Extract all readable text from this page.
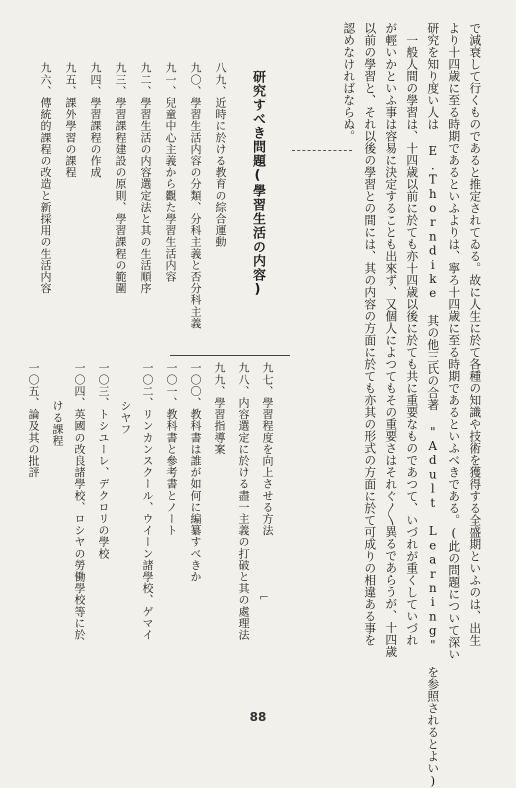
で減衰して行くものであると推定されてゐる。故に人生に於て各種の知識や技術を獲得する全盛期といふのは、出生
より十四歳に至る時期であるといふよりは、寧ろ十四歳に至る時期であるといふべきである。(此の問題について深い
研究を知り度い人は E.Thorndike 其の他三氏の合著 "Adult Learning" を参照されるとよい)
一般人間の學習は、十四歳以前に於ても亦十四歳以後に於ても共に重要なものであつて、いづれが重くしていづれ
が輕いかといふ事は容易に決定することも出來ず、又個人によつてもその重要さはそれぐ〳〵異るであらうが、十四歳
以前の學習と、それ以後の學習との間には、其の内容の方面に於ても亦其の形式の方面に於て可成りの相違ある事を
認めなければならぬ。
研究すべき問題(學習生活の内容)
八九、近時に於ける教育の綜合運動
九〇、學習生活内容の分類、分科主義と否分科主義
九一、兒童中心主義から觀た學習生活内容
九二、學習生活の内容選定法と其の生活順序
九三、學習課程建設の原則、學習課程の範圍
九四、學習課程の作成
九五、課外學習の課程
九六、傳統的課程の改造と新採用の生活内容
九七、學習程度を向上させる方法
九八、内容選定に於ける盡一主義の打破と其の處理法
九九、學習指導案
一〇〇、教科書は誰が如何に編纂すべきか
一〇一、教科書と參考書とノート
一〇二、リンカンスクール、ウイーン諸學校、ゲマイ
シヤフ
一〇三、トシユーレ、デクロリの學校
一〇四、英國の改良諸學校、ロシヤの勞働學校等に於
ける課程
一〇五、論及其の批評
⌐
88
